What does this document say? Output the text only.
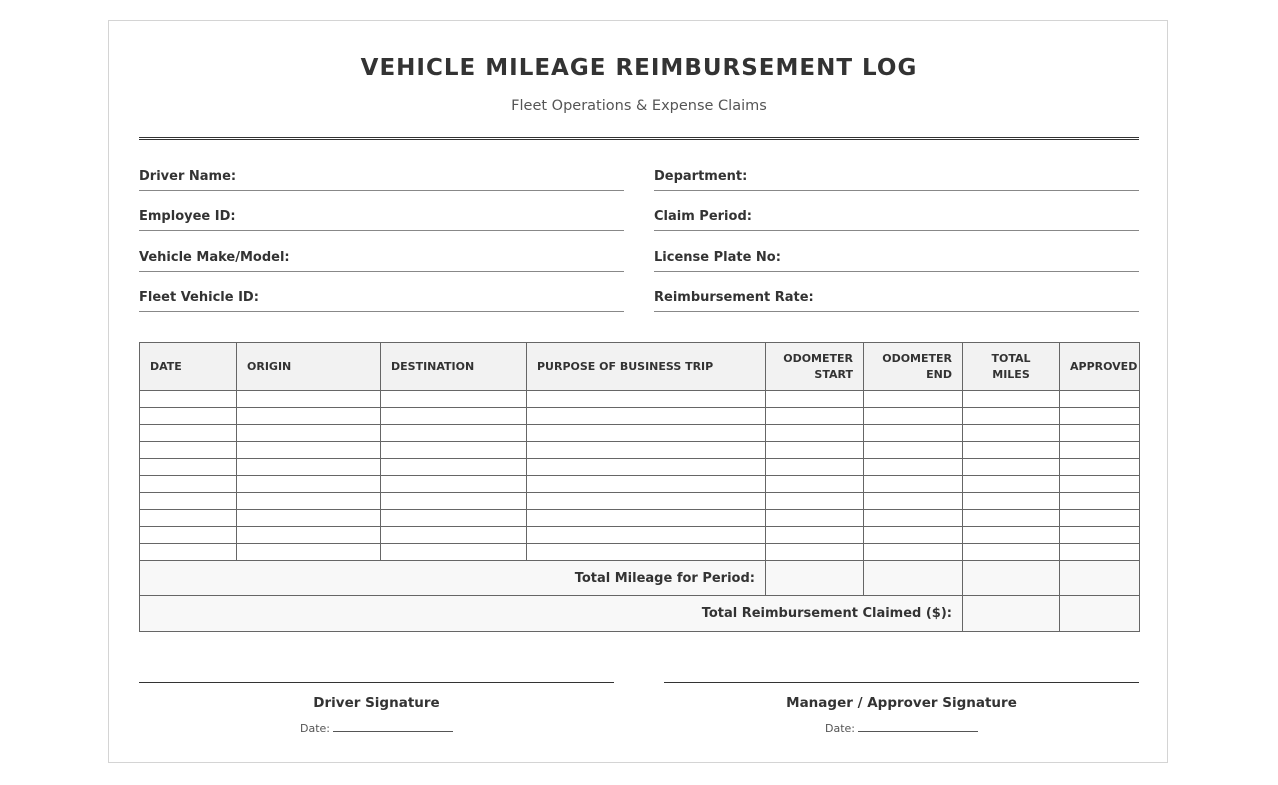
VEHICLE MILEAGE REIMBURSEMENT LOG
Fleet Operations & Expense Claims
Driver Name:	Department:
Employee ID:	Claim Period:
Vehicle Make/Model:	License Plate No:
Fleet Vehicle ID:	Reimbursement Rate:
DATE	ORIGIN	DESTINATION	PURPOSE OF BUSINESS TRIP	ODOMETER START	ODOMETER END	TOTAL MILES	APPROVED

Total Mileage for Period:							
Total Reimbursement Claimed ($):							
Driver Signature
Date:
Manager / Approver Signature
Date:
